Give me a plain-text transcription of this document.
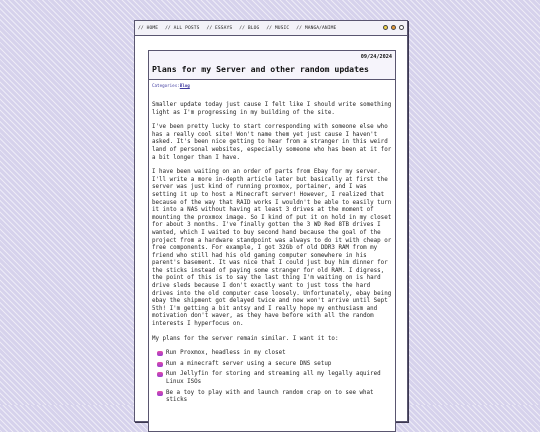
// HOME // ALL POSTS // ESSAYS // BLOG // MUSIC // MANGA/ANIME
09/24/2024
Plans for my Server and other random updates
Categories:Blog

Smaller update today just cause I felt like I should write something light as I'm progressing in my building of the site.

I've been pretty lucky to start corresponding with someone else who has a really cool site! Won't name them yet just cause I haven't asked. It's been nice getting to hear from a stranger in this weird land of personal websites, especially someone who has been at it for a bit longer than I have.

I have been waiting on an order of parts from Ebay for my server. I'll write a more in-depth article later but basically at first the server was just kind of running proxmox, portainer, and I was setting it up to host a Minecraft server! However, I realized that because of the way that RAID works I wouldn't be able to easily turn it into a NAS without having at least 3 drives at the moment of mounting the proxmox image. So I kind of put it on hold in my closet for about 3 months. I've finally gotten the 3 WD Red 8TB drives I wanted, which I waited to buy second hand because the goal of the project from a hardware standpoint was always to do it with cheap or free components. For example, I got 32Gb of old DDR3 RAM from my friend who still had his old gaming computer somewhere in his parent's basement. It was nice that I could just buy him dinner for the sticks instead of paying some stranger for old RAM. I digress, the point of this is to say the last thing I'm waiting on is hard drive sleds because I don't exactly want to just toss the hard drives into the old computer case loosely. Unfortunately, ebay being ebay the shipment got delayed twice and now won't arrive until Sept 5th! I'm getting a bit antsy and I really hope my enthusiasm and motivation don't waver, as they have before with all the random interests I hyperfocus on.

My plans for the server remain similar. I want it to:

Run Proxmox, headless in my closet
Run a minecraft server using a secure DNS setup
Run Jellyfin for storing and streaming all my legally aquired Linux ISOs
Be a toy to play with and launch random crap on to see what sticks
